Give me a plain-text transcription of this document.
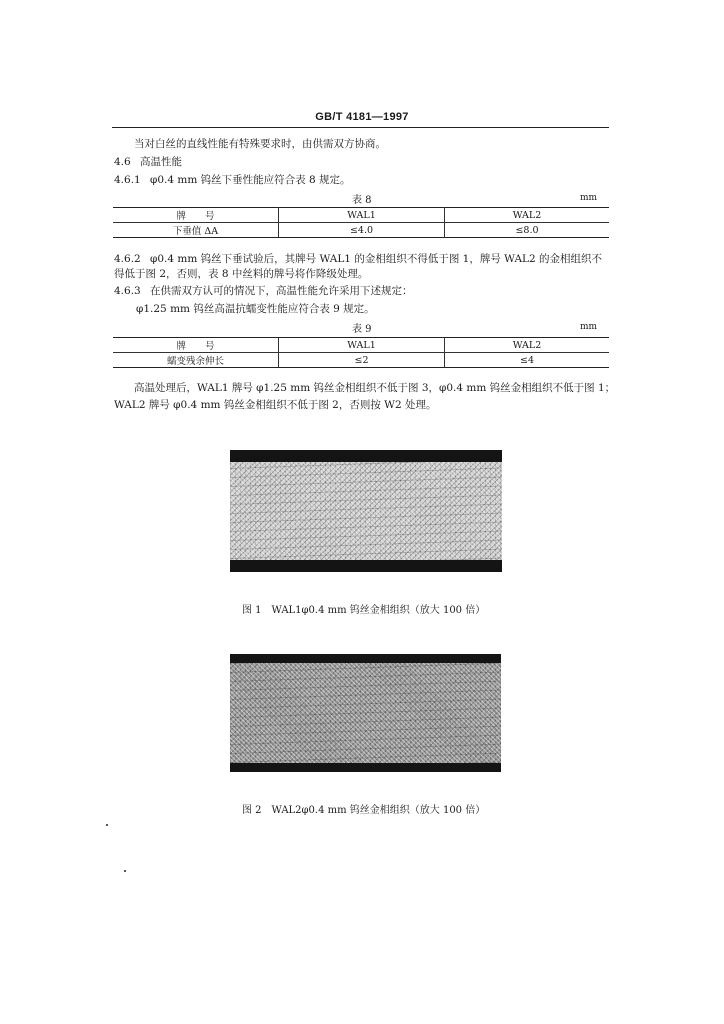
GB/T 4181—1997
当对白丝的直线性能有特殊要求时，由供需双方协商。
4.6 高温性能
4.6.1 φ0.4 mm 钨丝下垂性能应符合表 8 规定。
表 8	mm
牌　　号	WAL1	WAL2
下垂值 ΔA	≤4.0	≤8.0
4.6.2 φ0.4 mm 钨丝下垂试验后，其牌号 WAL1 的金相组织不得低于图 1，牌号 WAL2 的金相组织不
得低于图 2，否则，表 8 中丝料的牌号将作降级处理。
4.6.3 在供需双方认可的情况下，高温性能允许采用下述规定：
φ1.25 mm 钨丝高温抗蠕变性能应符合表 9 规定。
表 9	mm
牌　　号	WAL1	WAL2
蠕变残余伸长	≤2	≤4
高温处理后，WAL1 牌号 φ1.25 mm 钨丝金相组织不低于图 3，φ0.4 mm 钨丝金相组织不低于图 1；
WAL2 牌号 φ0.4 mm 钨丝金相组织不低于图 2，否则按 W2 处理。
图 1　WAL1φ0.4 mm 钨丝金相组织（放大 100 倍）
图 2　WAL2φ0.4 mm 钨丝金相组织（放大 100 倍）
